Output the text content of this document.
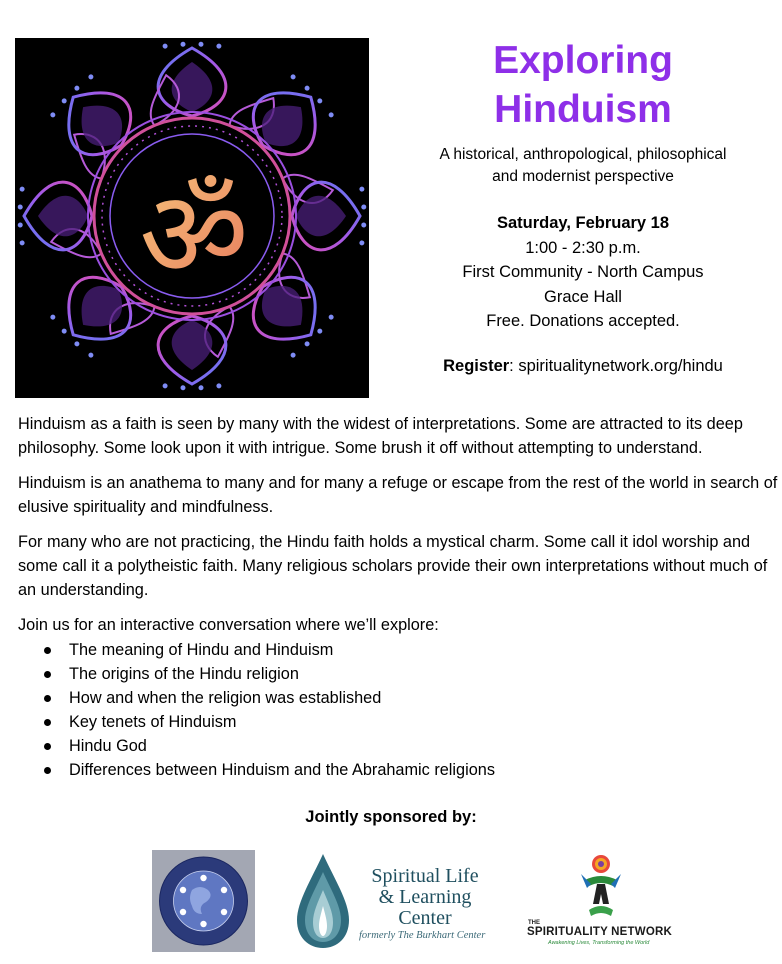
ॐ
Exploring
Hinduism
A historical, anthropological, philosophical
and modernist perspective
Saturday, February 18
1:00 - 2:30 p.m.
First Community - North Campus
Grace Hall
Free. Donations accepted.
Register: spiritualitynetwork.org/hindu

Hinduism as a faith is seen by many with the widest of interpretations. Some are attracted to its deep philosophy. Some look upon it with intrigue. Some brush it off without attempting to understand.

Hinduism is an anathema to many and for many a refuge or escape from the rest of the world in search of elusive spirituality and mindfulness.

For many who are not practicing, the Hindu faith holds a mystical charm. Some call it idol worship and some call it a polytheistic faith. Many religious scholars provide their own interpretations without much of an understanding.

Join us for an interactive conversation where we’ll explore:

The meaning of Hindu and Hinduism
The origins of the Hindu religion
How and when the religion was established
Key tenets of Hinduism
Hindu God
Differences between Hinduism and the Abrahamic religions
Jointly sponsored by:
Spiritual Life
& Learning
Center
formerly The Burkhart Center
THE
SPIRITUALITY NETWORK
Awakening Lives, Transforming the World
